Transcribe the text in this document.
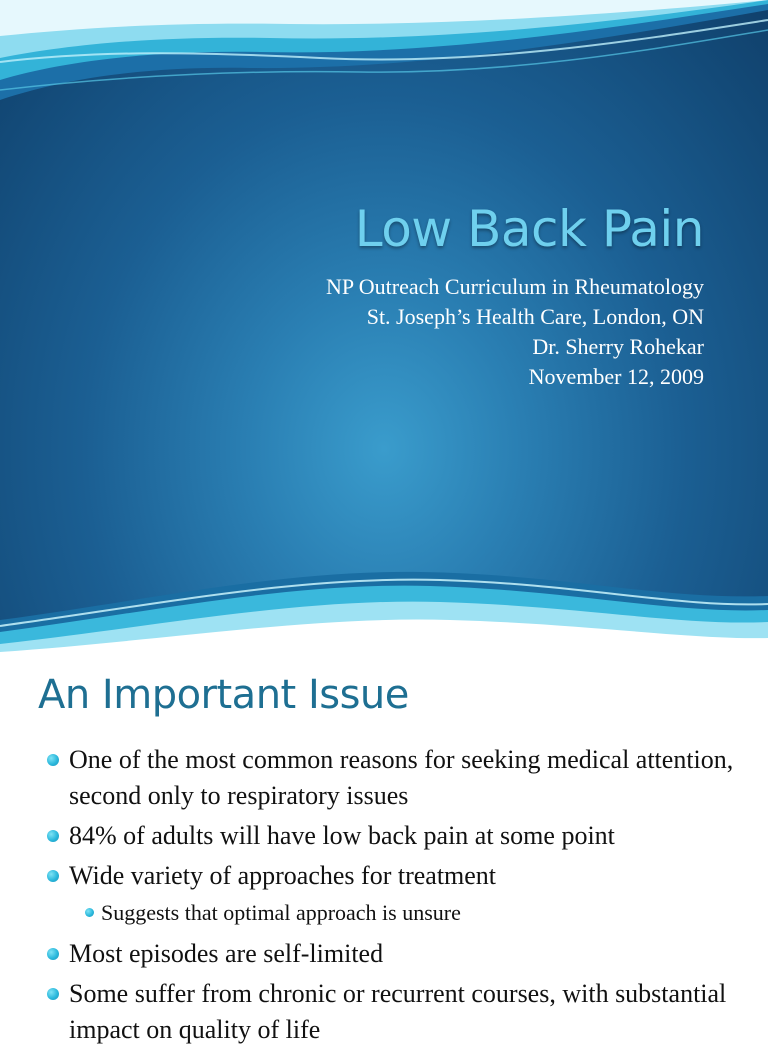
Low Back Pain
NP Outreach Curriculum in Rheumatology
St. Joseph’s Health Care, London, ON
Dr. Sherry Rohekar
November 12, 2009
An Important Issue
One of the most common reasons for seeking medical attention, second only to respiratory issues
84% of adults will have low back pain at some point
Wide variety of approaches for treatment
Suggests that optimal approach is unsure
Most episodes are self-limited
Some suffer from chronic or recurrent courses, with substantial impact on quality of life
